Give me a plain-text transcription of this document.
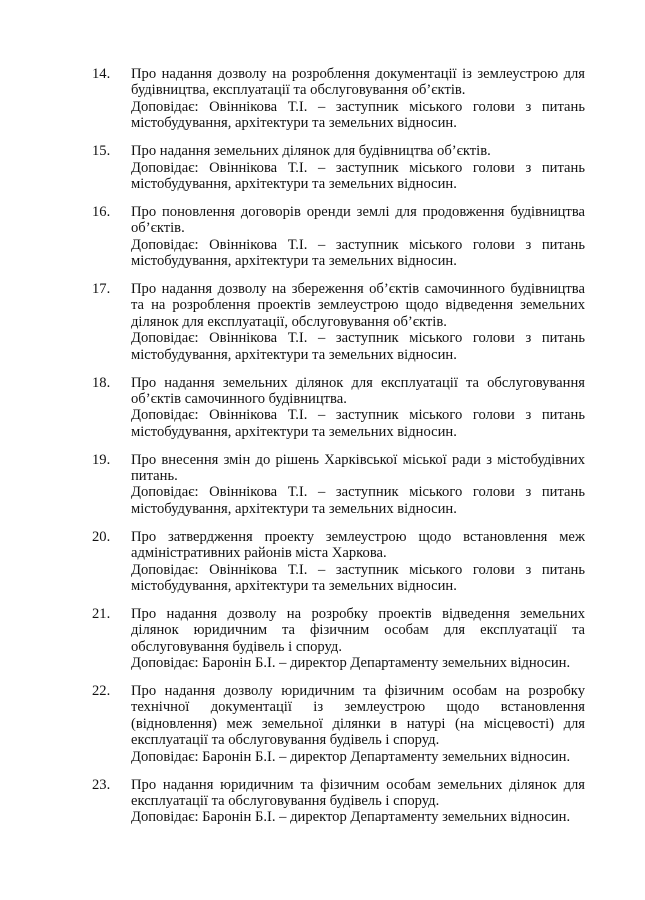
14. Про надання дозволу на розроблення документації із землеустрою для будівництва, експлуатації та обслуговування об’єктів.
Доповідає: Овіннікова Т.І. – заступник міського голови з питань містобудування, архітектури та земельних відносин.
15. Про надання земельних ділянок для будівництва об’єктів.
Доповідає: Овіннікова Т.І. – заступник міського голови з питань містобудування, архітектури та земельних відносин.
16. Про поновлення договорів оренди землі для продовження будівництва об’єктів.
Доповідає: Овіннікова Т.І. – заступник міського голови з питань містобудування, архітектури та земельних відносин.
17. Про надання дозволу на збереження об’єктів самочинного будівництва та на розроблення проектів землеустрою щодо відведення земельних ділянок для експлуатації, обслуговування об’єктів.
Доповідає: Овіннікова Т.І. – заступник міського голови з питань містобудування, архітектури та земельних відносин.
18. Про надання земельних ділянок для експлуатації та обслуговування об’єктів самочинного будівництва.
Доповідає: Овіннікова Т.І. – заступник міського голови з питань містобудування, архітектури та земельних відносин.
19. Про внесення змін до рішень Харківської міської ради з містобудівних питань.
Доповідає: Овіннікова Т.І. – заступник міського голови з питань містобудування, архітектури та земельних відносин.
20. Про затвердження проекту землеустрою щодо встановлення меж адміністративних районів міста Харкова.
Доповідає: Овіннікова Т.І. – заступник міського голови з питань містобудування, архітектури та земельних відносин.
21. Про надання дозволу на розробку проектів відведення земельних ділянок юридичним та фізичним особам для експлуатації та обслуговування будівель і споруд.
Доповідає: Баронін Б.І. – директор Департаменту земельних відносин.
22. Про надання дозволу юридичним та фізичним особам на розробку технічної документації із землеустрою щодо встановлення (відновлення) меж земельної ділянки в натурі (на місцевості) для експлуатації та обслуговування будівель і споруд.
Доповідає: Баронін Б.І. – директор Департаменту земельних відносин.
23. Про надання юридичним та фізичним особам земельних ділянок для експлуатації та обслуговування будівель і споруд.
Доповідає: Баронін Б.І. – директор Департаменту земельних відносин.
